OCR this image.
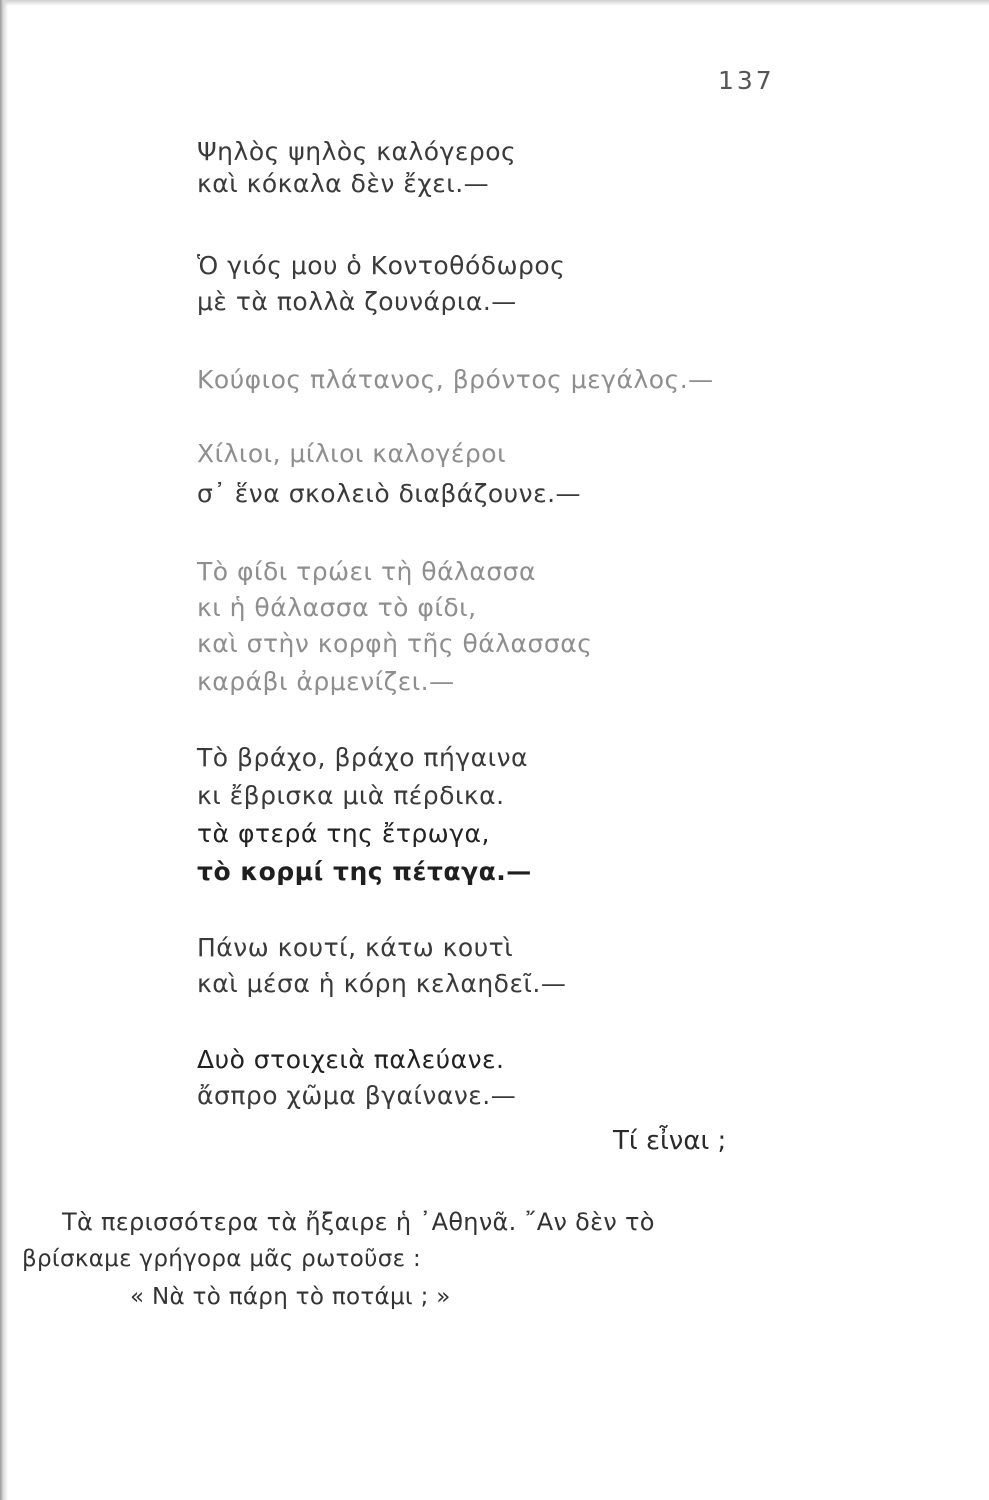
137
Ψηλὸς ψηλὸς καλόγερος
καὶ κόκαλα δὲν ἔχει.—
Ὁ γιός μου ὁ Κοντοθόδωρος
μὲ τὰ πολλὰ ζουνάρια.—
Κούφιος πλάτανος, βρόντος μεγάλος.—
Χίλιοι, μίλιοι καλογέροι
σ᾽ ἕνα σκολειὸ διαβάζουνε.—
Τὸ φίδι τρώει τὴ θάλασσα
κι ἡ θάλασσα τὸ φίδι,
καὶ στὴν κορφὴ τῆς θάλασσας
καράβι ἀρμενίζει.—
Τὸ βράχο, βράχο πήγαινα
κι ἔβρισκα μιὰ πέρδικα.
τὰ φτερά της ἔτρωγα,
τὸ κορμί της πέταγα.—
Πάνω κουτί, κάτω κουτὶ
καὶ μέσα ἡ κόρη κελαηδεῖ.—
Δυὸ στοιχειὰ παλεύανε.
ἄσπρο χῶμα βγαίνανε.—
Τί εἶναι ;
Τὰ περισσότερα τὰ ἤξαιρε ἡ ᾽Αθηνᾶ. ῎Αν δὲν τὸ
βρίσκαμε γρήγορα μᾶς ρωτοῦσε :
« Νὰ τὸ πάρη τὸ ποτάμι ; »
